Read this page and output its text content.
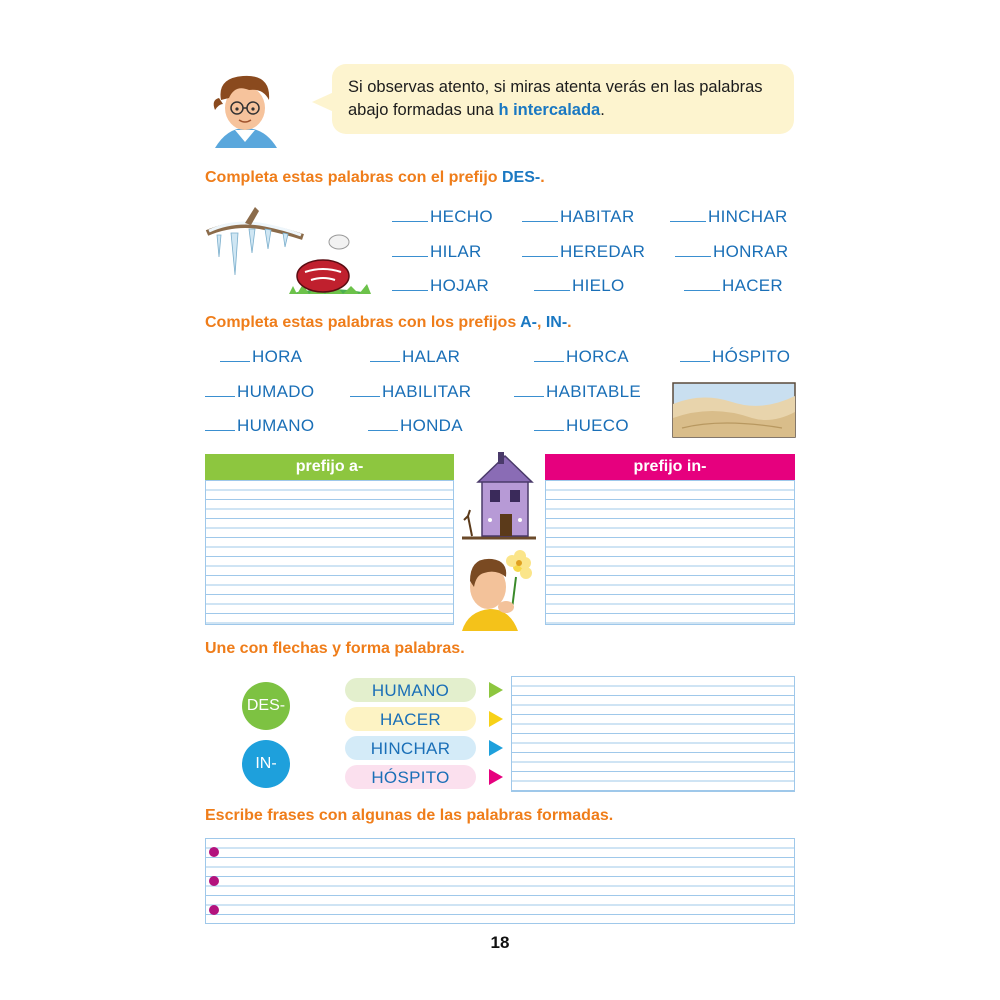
Si observas atento, si miras atenta verás en las palabras
abajo formadas una h intercalada.
Completa estas palabras con el prefijo DES-.
HECHO	HABITAR	HINCHAR
HILAR	HEREDAR	HONRAR
HOJAR	HIELO	HACER
Completa estas palabras con los prefijos A-, IN-.
HORA	HALAR	HORCA	HÓSPITO
HUMADO	HABILITAR	HABITABLE
HUMANO	HONDA	HUECO
prefijo a-	prefijo in-
Une con flechas y forma palabras.
DES-
IN-
HUMANO
HACER
HINCHAR
HÓSPITO
Escribe frases con algunas de las palabras formadas.
18
